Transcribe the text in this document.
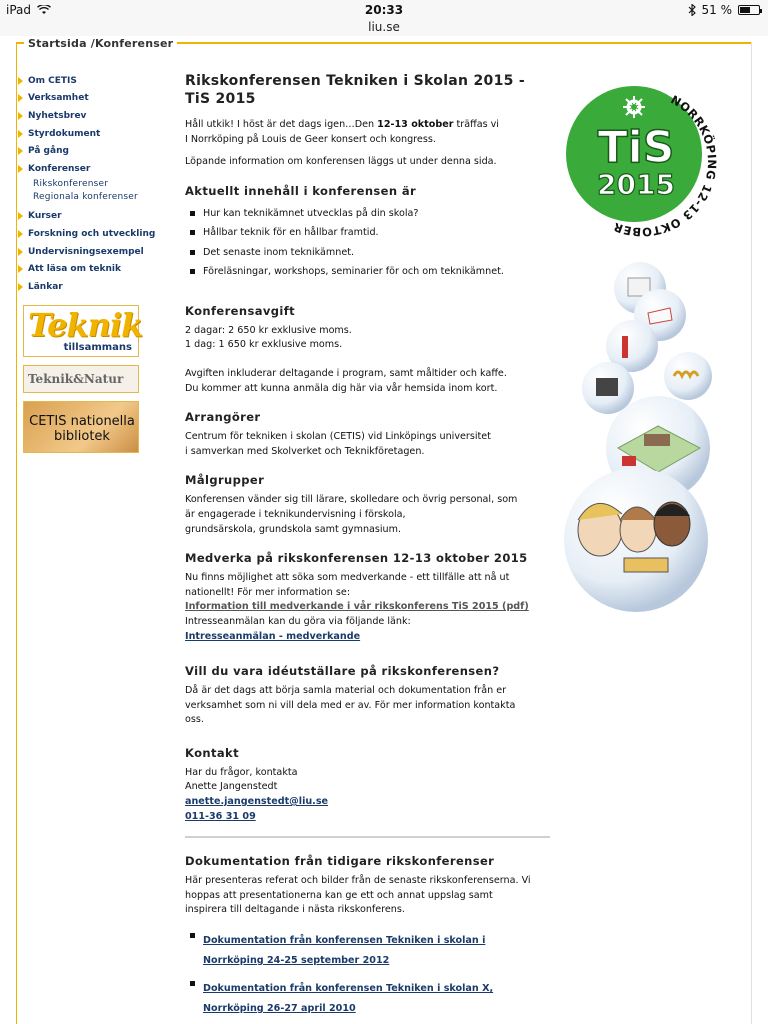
iPad	20:33	51 %
liu.se
Startsida /Konferenser
Om CETIS
Verksamhet
Nyhetsbrev
Styrdokument
På gång
Konferenser
Rikskonferenser
Regionala konferenser
Kurser
Forskning och utveckling
Undervisningsexempel
Att läsa om teknik
Länkar
Teknik
tillsammans
Teknik&Natur
CETIS nationella
bibliotek
Rikskonferensen Tekniken i Skolan 2015 - TiS 2015

Håll utkik! I höst är det dags igen…Den 12-13 oktober träffas vi
I Norrköping på Louis de Geer konsert och kongress.

Löpande information om konferensen läggs ut under denna sida.

Aktuellt innehåll i konferensen är
Hur kan teknikämnet utvecklas på din skola?
Hållbar teknik för en hållbar framtid.
Det senaste inom teknikämnet.
Föreläsningar, workshops, seminarier för och om teknikämnet.
Konferensavgift

2 dagar: 2 650 kr exklusive moms.
1 dag: 1 650 kr exklusive moms.

Avgiften inkluderar deltagande i program, samt måltider och kaffe.
Du kommer att kunna anmäla dig här via vår hemsida inom kort.

Arrangörer

Centrum för tekniken i skolan (CETIS) vid Linköpings universitet
i samverkan med Skolverket och Teknikföretagen.

Målgrupper

Konferensen vänder sig till lärare, skolledare och övrig personal, som
är engagerade i teknikundervisning i förskola,
grundsärskola, grundskola samt gymnasium.

Medverka på rikskonferensen 12-13 oktober 2015

Nu finns möjlighet att söka som medverkande - ett tillfälle att nå ut
nationellt! För mer information se:

Information till medverkande i vår rikskonferens TiS 2015 (pdf)

Intresseanmälan kan du göra via följande länk:

Intresseanmälan - medverkande
Vill du vara idéutställare på rikskonferensen?

Då är det dags att börja samla material och dokumentation från er
verksamhet som ni vill dela med er av. För mer information kontakta
oss.

Kontakt

Har du frågor, kontakta
Anette Jangenstedt

anette.jangenstedt@liu.se
011-36 31 09
Dokumentation från tidigare rikskonferenser

Här presenteras referat och bilder från de senaste rikskonferenserna. Vi
hoppas att presentationerna kan ge ett och annat uppslag samt
inspirera till deltagande i nästa rikskonferens.

Dokumentation från konferensen Tekniken i skolan i
Norrköping 24-25 september 2012
Dokumentation från konferensen Tekniken i skolan X,
Norrköping 26-27 april 2010
TiS
2015
NORRKÖPING 12-13 OKTOBER
